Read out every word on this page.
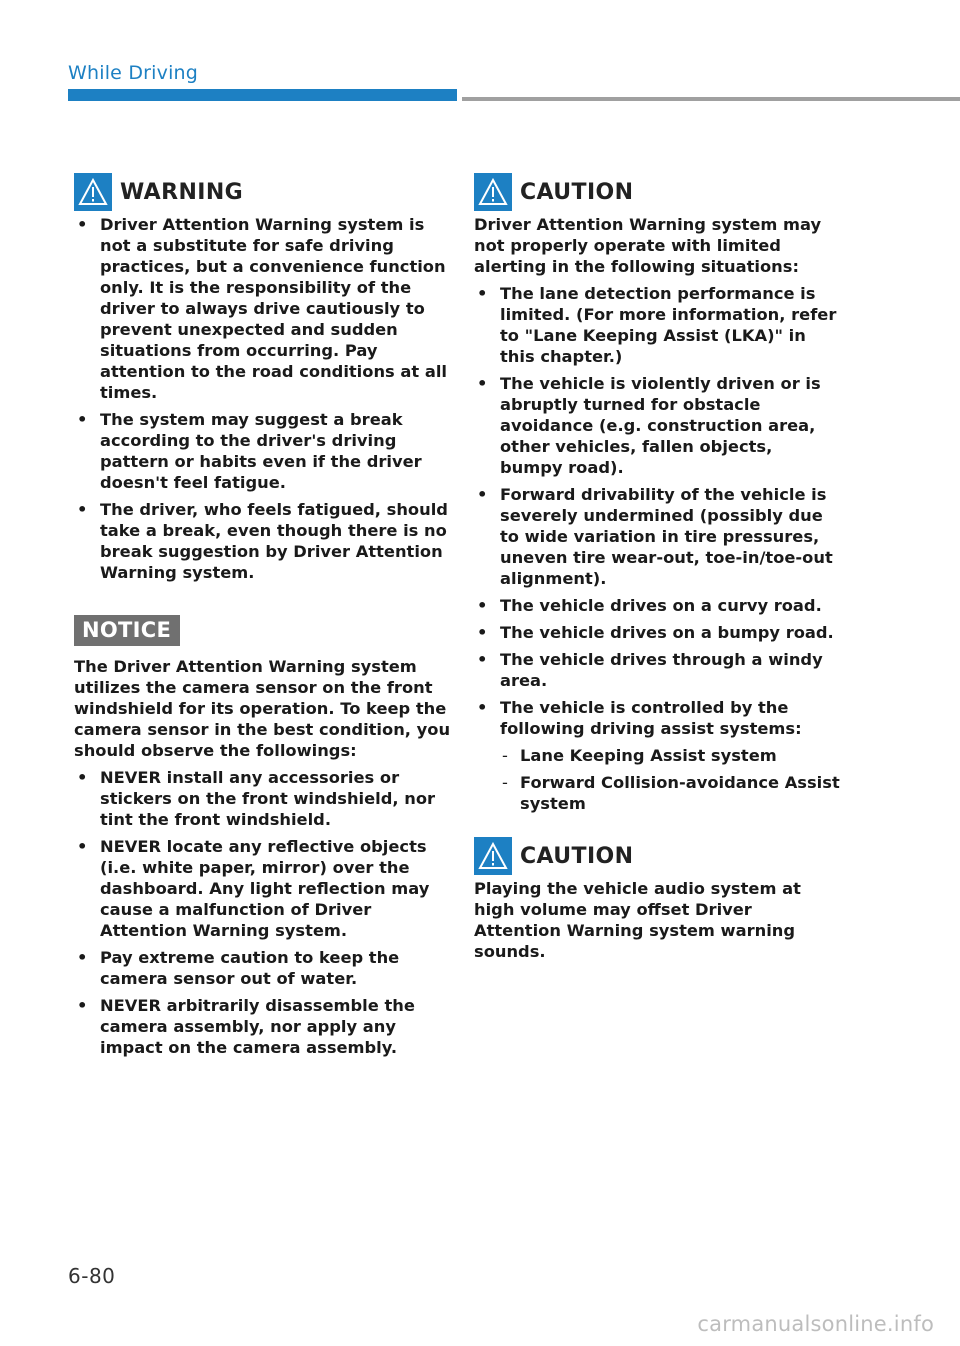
While Driving
WARNING
• Driver Attention Warning system is not a substitute for safe driving practices, but a convenience function only. It is the responsibility of the driver to always drive cautiously to prevent unexpected and sudden situations from occurring. Pay attention to the road conditions at all times.
• The system may suggest a break according to the driver's driving pattern or habits even if the driver doesn't feel fatigue.
• The driver, who feels fatigued, should take a break, even though there is no break suggestion by Driver Attention Warning system.
NOTICE

The Driver Attention Warning system utilizes the camera sensor on the front windshield for its operation. To keep the camera sensor in the best condition, you should observe the followings:

• NEVER install any accessories or stickers on the front windshield, nor tint the front windshield.
• NEVER locate any reflective objects (i.e. white paper, mirror) over the dashboard. Any light reflection may cause a malfunction of Driver Attention Warning system.
• Pay extreme caution to keep the camera sensor out of water.
• NEVER arbitrarily disassemble the camera assembly, nor apply any impact on the camera assembly.
CAUTION

Driver Attention Warning system may not properly operate with limited alerting in the following situations:

• The lane detection performance is limited. (For more information, refer to "Lane Keeping Assist (LKA)" in this chapter.)
• The vehicle is violently driven or is abruptly turned for obstacle avoidance (e.g. construction area, other vehicles, fallen objects, bumpy road).
• Forward drivability of the vehicle is severely undermined (possibly due to wide variation in tire pressures, uneven tire wear-out, toe-in/toe-out alignment).
• The vehicle drives on a curvy road.
• The vehicle drives on a bumpy road.
• The vehicle drives through a windy area.
• The vehicle is controlled by the following driving assist systems:
- Lane Keeping Assist system
- Forward Collision-avoidance Assist system
CAUTION

Playing the vehicle audio system at high volume may offset Driver Attention Warning system warning sounds.

6-80
carmanualsonline.info
